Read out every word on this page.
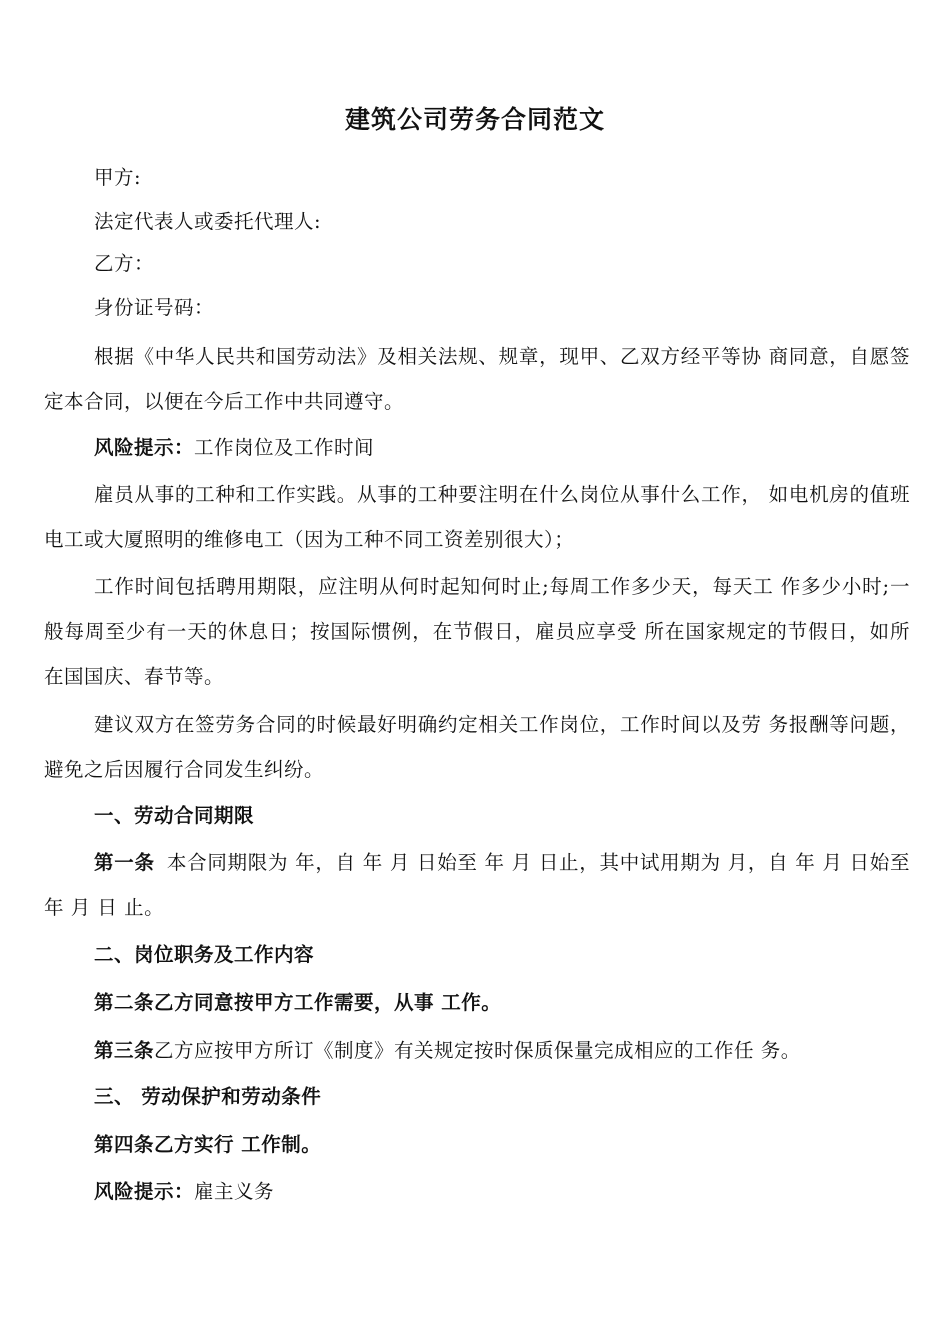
建筑公司劳务合同范文

甲方:

法定代表人或委托代理人:

乙方：

身份证号码：

根据《中华人民共和国劳动法》及相关法规、规章，现甲、乙双方经平等协 商同意，自愿签定本合同，以便在今后工作中共同遵守。

风险提示：工作岗位及工作时间

雇员从事的工种和工作实践。从事的工种要注明在什么岗位从事什么工作， 如电机房的值班电工或大厦照明的维修电工（因为工种不同工资差别很大）；

工作时间包括聘用期限，应注明从何时起知何时止;每周工作多少天，每天工 作多少小时;一般每周至少有一天的休息日；按国际惯例，在节假日，雇员应享受 所在国家规定的节假日，如所在国国庆、春节等。

建议双方在签劳务合同的时候最好明确约定相关工作岗位，工作时间以及劳 务报酬等问题，避免之后因履行合同发生纠纷。

一、劳动合同期限

第一条 本合同期限为 年，自 年 月 日始至 年 月 日止，其中试用期为 月，自 年 月 日始至 年 月 日 止。

二、岗位职务及工作内容

第二条乙方同意按甲方工作需要，从事 工作。

第三条乙方应按甲方所订《制度》有关规定按时保质保量完成相应的工作任 务。

三、 劳动保护和劳动条件

第四条乙方实行 工作制。

风险提示：雇主义务
